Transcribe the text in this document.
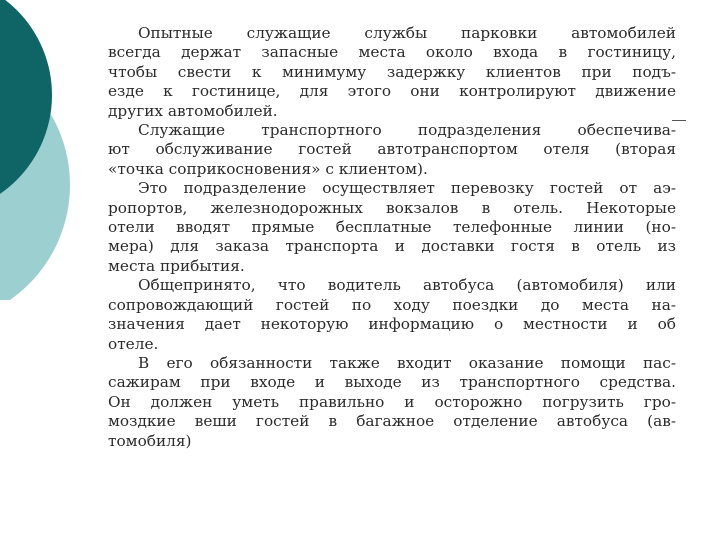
Опытные служащие службы парковки автомобилей
всегда держат запасные места около входа в гостиницу,
чтобы свести к минимуму задержку клиентов при подъ-
езде к гостинице, для этого они контролируют движение
других автомобилей.
Служащие транспортного подразделения обеспечива-
ют обслуживание гостей автотранспортом отеля (вторая
«точка соприкосновения» с клиентом).
Это подразделение осуществляет перевозку гостей от аэ-
ропортов, железнодорожных вокзалов в отель. Некоторые
отели вводят прямые бесплатные телефонные линии (но-
мера) для заказа транспорта и доставки гостя в отель из
места прибытия.
Общепринято, что водитель автобуса (автомобиля) или
сопровождающий гостей по ходу поездки до места на-
значения дает некоторую информацию о местности и об
отеле.
В его обязанности также входит оказание помощи пас-
сажирам при входе и выходе из транспортного средства.
Он должен уметь правильно и осторожно погрузить гро-
моздкие веши гостей в багажное отделение автобуса (ав-
томобиля)
